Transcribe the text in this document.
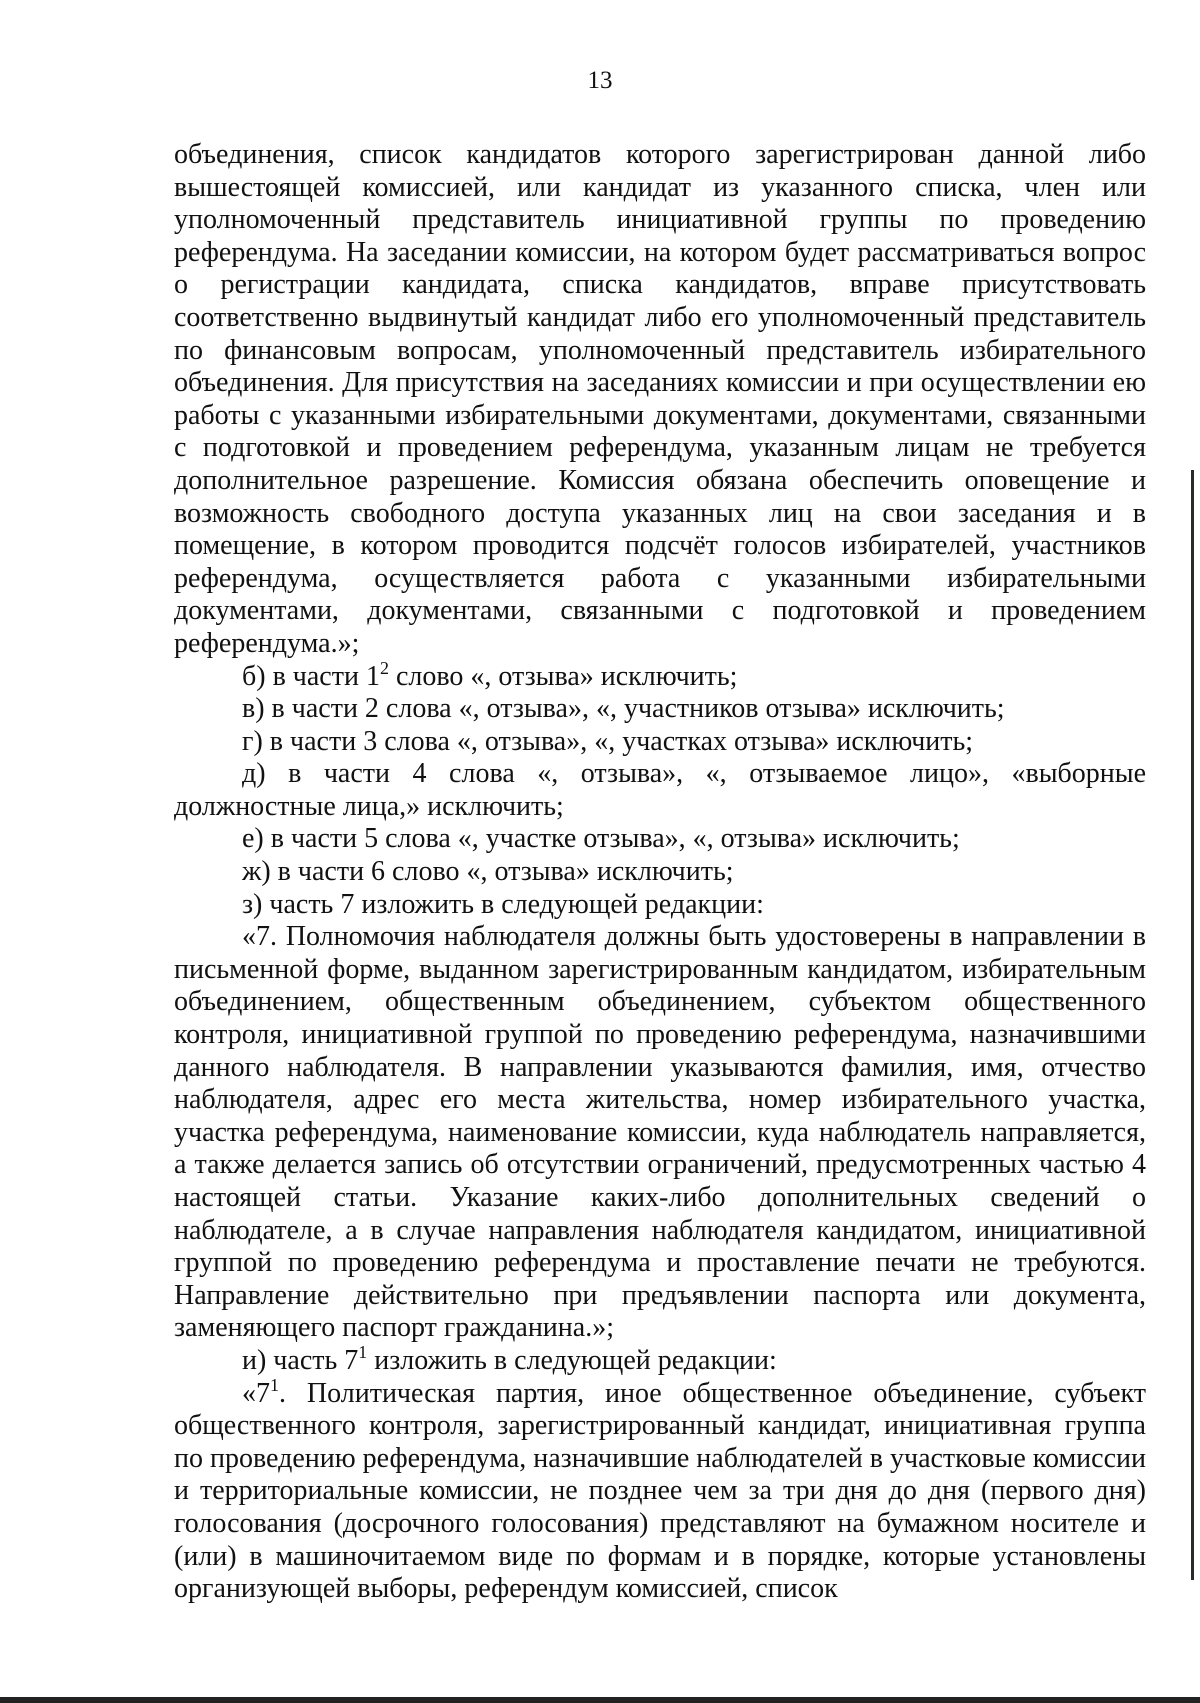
13

объединения, список кандидатов которого зарегистрирован данной либо вышестоящей комиссией, или кандидат из указанного списка, член или уполномоченный представитель инициативной группы по проведению референдума. На заседании комиссии, на котором будет рассматриваться вопрос о регистрации кандидата, списка кандидатов, вправе присутствовать соответственно выдвинутый кандидат либо его уполномоченный представитель по финансовым вопросам, уполномоченный представитель избирательного объединения. Для присутствия на заседаниях комиссии и при осуществлении ею работы с указанными избирательными документами, документами, связанными с подготовкой и проведением референдума, указанным лицам не требуется дополнительное разрешение. Комиссия обязана обеспечить оповещение и возможность свободного доступа указанных лиц на свои заседания и в помещение, в котором проводится подсчёт голосов избирателей, участников референдума, осуществляется работа с указанными избирательными документами, документами, связанными с подготовкой и проведением референдума.»;

б) в части $1^2$ слово «, отзыва» исключить;

в) в части 2 слова «, отзыва», «, участников отзыва» исключить;

г) в части 3 слова «, отзыва», «, участках отзыва» исключить;

д) в части 4 слова «, отзыва», «, отзываемое лицо», «выборные должностные лица,» исключить;

е) в части 5 слова «, участке отзыва», «, отзыва» исключить;

ж) в части 6 слово «, отзыва» исключить;

з) часть 7 изложить в следующей редакции:

«7. Полномочия наблюдателя должны быть удостоверены в направлении в письменной форме, выданном зарегистрированным кандидатом, избирательным объединением, общественным объединением, субъектом общественного контроля, инициативной группой по проведению референдума, назначившими данного наблюдателя. В направлении указываются фамилия, имя, отчество наблюдателя, адрес его места жительства, номер избирательного участка, участка референдума, наименование комиссии, куда наблюдатель направляется, а также делается запись об отсутствии ограничений, предусмотренных частью 4 настоящей статьи. Указание каких-либо дополнительных сведений о наблюдателе, а в случае направления наблюдателя кандидатом, инициативной группой по проведению референдума и проставление печати не требуются. Направление действительно при предъявлении паспорта или документа, заменяющего паспорт гражданина.»;

и) часть $7^1$ изложить в следующей редакции:

«$7^1$. Политическая партия, иное общественное объединение, субъект общественного контроля, зарегистрированный кандидат, инициативная группа по проведению референдума, назначившие наблюдателей в участковые комиссии и территориальные комиссии, не позднее чем за три дня до дня (первого дня) голосования (досрочного голосования) представляют на бумажном носителе и (или) в машиночитаемом виде по формам и в порядке, которые установлены организующей выборы, референдум комиссией, список
